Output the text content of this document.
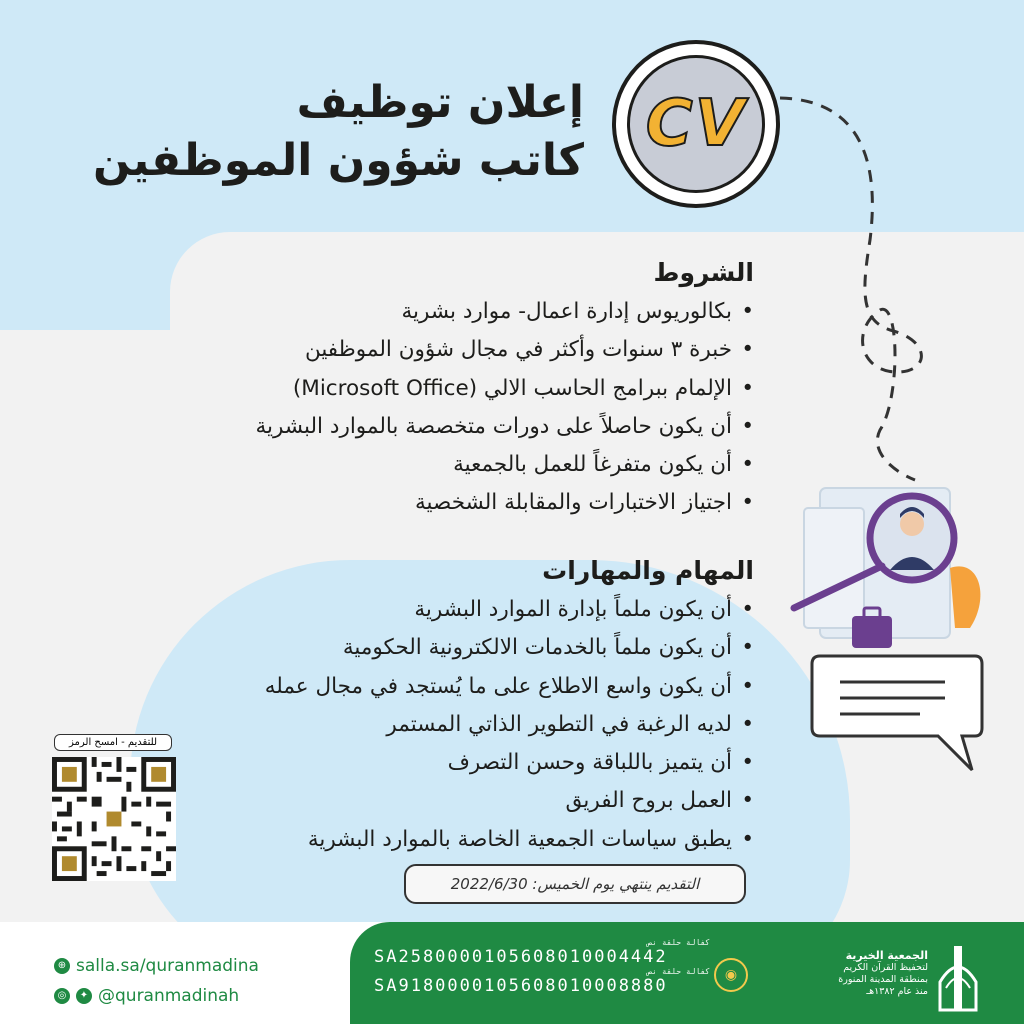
إعلان توظيف
كاتب شؤون الموظفين CV
الشروط
• بكالوريوس إدارة اعمال- موارد بشرية
• خبرة ٣ سنوات وأكثر في مجال شؤون الموظفين
• الإلمام ببرامج الحاسب الالي (Microsoft Office)
• أن يكون حاصلاً على دورات متخصصة بالموارد البشرية
• أن يكون متفرغاً للعمل بالجمعية
• اجتياز الاختبارات والمقابلة الشخصية
المهام والمهارات
• أن يكون ملماً بإدارة الموارد البشرية
• أن يكون ملماً بالخدمات الالكترونية الحكومية
• أن يكون واسع الاطلاع على ما يُستجد في مجال عمله
• لديه الرغبة في التطوير الذاتي المستمر
• أن يتميز باللباقة وحسن التصرف
• العمل بروح الفريق
• يطبق سياسات الجمعية الخاصة بالموارد البشرية
التقديم ينتهي يوم الخميس: 2022/6/30
للتقديم - امسح الرمز
⊕ salla.sa/quranmadina
◎	✦ @quranmadinah
كفالة حلقة نص
SA2580000105608010004442
كفالة حلقة نص
SA9180000105608010008880
◉
الجمعية الخيرية
لتحفيظ القرآن الكريم
بمنطقة المدينة المنورة
منذ عام ١٣٨٢هـ
